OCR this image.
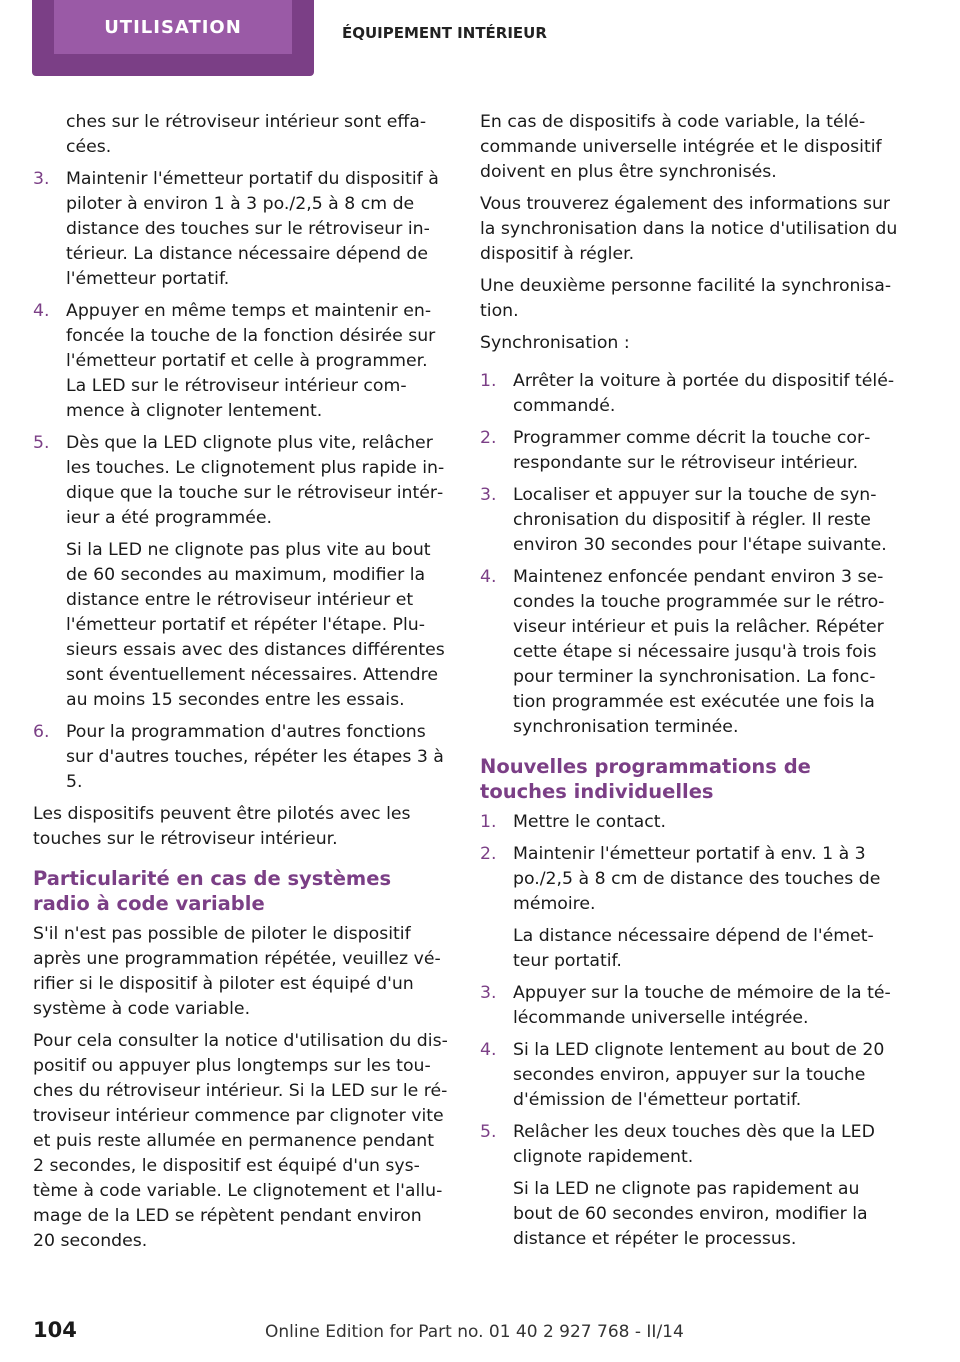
UTILISATION	ÉQUIPEMENT INTÉRIEUR

ches sur le rétroviseur intérieur sont effacées.

3. Maintenir l'émetteur portatif du dispositif à piloter à environ 1 à 3 po./2,5 à 8 cm de distance des touches sur le rétroviseur intérieur. La distance nécessaire dépend de l'émetteur portatif.

4. Appuyer en même temps et maintenir enfoncée la touche de la fonction désirée sur l'émetteur portatif et celle à programmer. La LED sur le rétroviseur intérieur commence à clignoter lentement.

5. Dès que la LED clignote plus vite, relâcher les touches. Le clignotement plus rapide indique que la touche sur le rétroviseur intérieur a été programmée.

Si la LED ne clignote pas plus vite au bout de 60 secondes au maximum, modifier la distance entre le rétroviseur intérieur et l'émetteur portatif et répéter l'étape. Plusieurs essais avec des distances différentes sont éventuellement nécessaires. Attendre au moins 15 secondes entre les essais.

6. Pour la programmation d'autres fonctions sur d'autres touches, répéter les étapes 3 à 5.

Les dispositifs peuvent être pilotés avec les touches sur le rétroviseur intérieur.

Particularité en cas de systèmes radio à code variable

S'il n'est pas possible de piloter le dispositif après une programmation répétée, veuillez vérifier si le dispositif à piloter est équipé d'un système à code variable.

Pour cela consulter la notice d'utilisation du dispositif ou appuyer plus longtemps sur les touches du rétroviseur intérieur. Si la LED sur le rétroviseur intérieur commence par clignoter vite et puis reste allumée en permanence pendant 2 secondes, le dispositif est équipé d'un système à code variable. Le clignotement et l'allumage de la LED se répètent pendant environ 20 secondes.

En cas de dispositifs à code variable, la télécommande universelle intégrée et le dispositif doivent en plus être synchronisés.

Vous trouverez également des informations sur la synchronisation dans la notice d'utilisation du dispositif à régler.

Une deuxième personne facilité la synchronisation.

Synchronisation :

1. Arrêter la voiture à portée du dispositif télécommandé.

2. Programmer comme décrit la touche correspondante sur le rétroviseur intérieur.

3. Localiser et appuyer sur la touche de synchronisation du dispositif à régler. Il reste environ 30 secondes pour l'étape suivante.

4. Maintenez enfoncée pendant environ 3 secondes la touche programmée sur le rétroviseur intérieur et puis la relâcher. Répéter cette étape si nécessaire jusqu'à trois fois pour terminer la synchronisation. La fonction programmée est exécutée une fois la synchronisation terminée.

Nouvelles programmations de touches individuelles
1. Mettre le contact.

2. Maintenir l'émetteur portatif à env. 1 à 3 po./2,5 à 8 cm de distance des touches de mémoire.

La distance nécessaire dépend de l'émetteur portatif.

3. Appuyer sur la touche de mémoire de la télécommande universelle intégrée.

4. Si la LED clignote lentement au bout de 20 secondes environ, appuyer sur la touche d'émission de l'émetteur portatif.

5. Relâcher les deux touches dès que la LED clignote rapidement.

Si la LED ne clignote pas rapidement au bout de 60 secondes environ, modifier la distance et répéter le processus.

104	Online Edition for Part no. 01 40 2 927 768 - II/14
